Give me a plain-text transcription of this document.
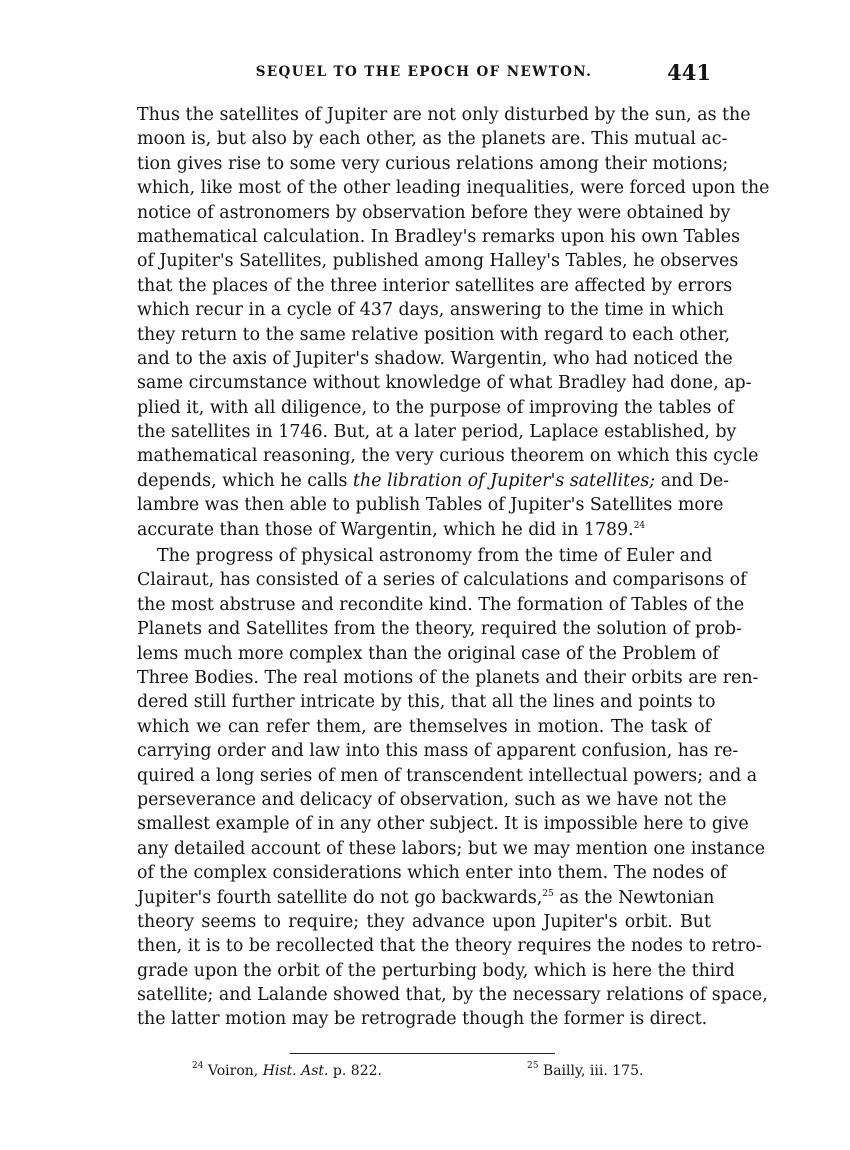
SEQUEL TO THE EPOCH OF NEWTON.	441
Thus the satellites of Jupiter are not only disturbed by the sun, as the
moon is, but also by each other, as the planets are. This mutual ac-
tion gives rise to some very curious relations among their motions;
which, like most of the other leading inequalities, were forced upon the
notice of astronomers by observation before they were obtained by
mathematical calculation. In Bradley's remarks upon his own Tables
of Jupiter's Satellites, published among Halley's Tables, he observes
that the places of the three interior satellites are affected by errors
which recur in a cycle of 437 days, answering to the time in which
they return to the same relative position with regard to each other,
and to the axis of Jupiter's shadow. Wargentin, who had noticed the
same circumstance without knowledge of what Bradley had done, ap-
plied it, with all diligence, to the purpose of improving the tables of
the satellites in 1746. But, at a later period, Laplace established, by
mathematical reasoning, the very curious theorem on which this cycle
depends, which he calls the libration of Jupiter's satellites; and De-
lambre was then able to publish Tables of Jupiter's Satellites more
accurate than those of Wargentin, which he did in 1789.24
The progress of physical astronomy from the time of Euler and
Clairaut, has consisted of a series of calculations and comparisons of
the most abstruse and recondite kind. The formation of Tables of the
Planets and Satellites from the theory, required the solution of prob-
lems much more complex than the original case of the Problem of
Three Bodies. The real motions of the planets and their orbits are ren-
dered still further intricate by this, that all the lines and points to
which we can refer them, are themselves in motion. The task of
carrying order and law into this mass of apparent confusion, has re-
quired a long series of men of transcendent intellectual powers; and a
perseverance and delicacy of observation, such as we have not the
smallest example of in any other subject. It is impossible here to give
any detailed account of these labors; but we may mention one instance
of the complex considerations which enter into them. The nodes of
Jupiter's fourth satellite do not go backwards,$^{25}$ as the Newtonian
theory seems to require; they advance upon Jupiter's orbit. But
then, it is to be recollected that the theory requires the nodes to retro-
grade upon the orbit of the perturbing body, which is here the third
satellite; and Lalande showed that, by the necessary relations of space,
the latter motion may be retrograde though the former is direct.
$^{24}$ Voiron, Hist. Ast. p. 822.	$^{25}$ Bailly, iii. 175.
